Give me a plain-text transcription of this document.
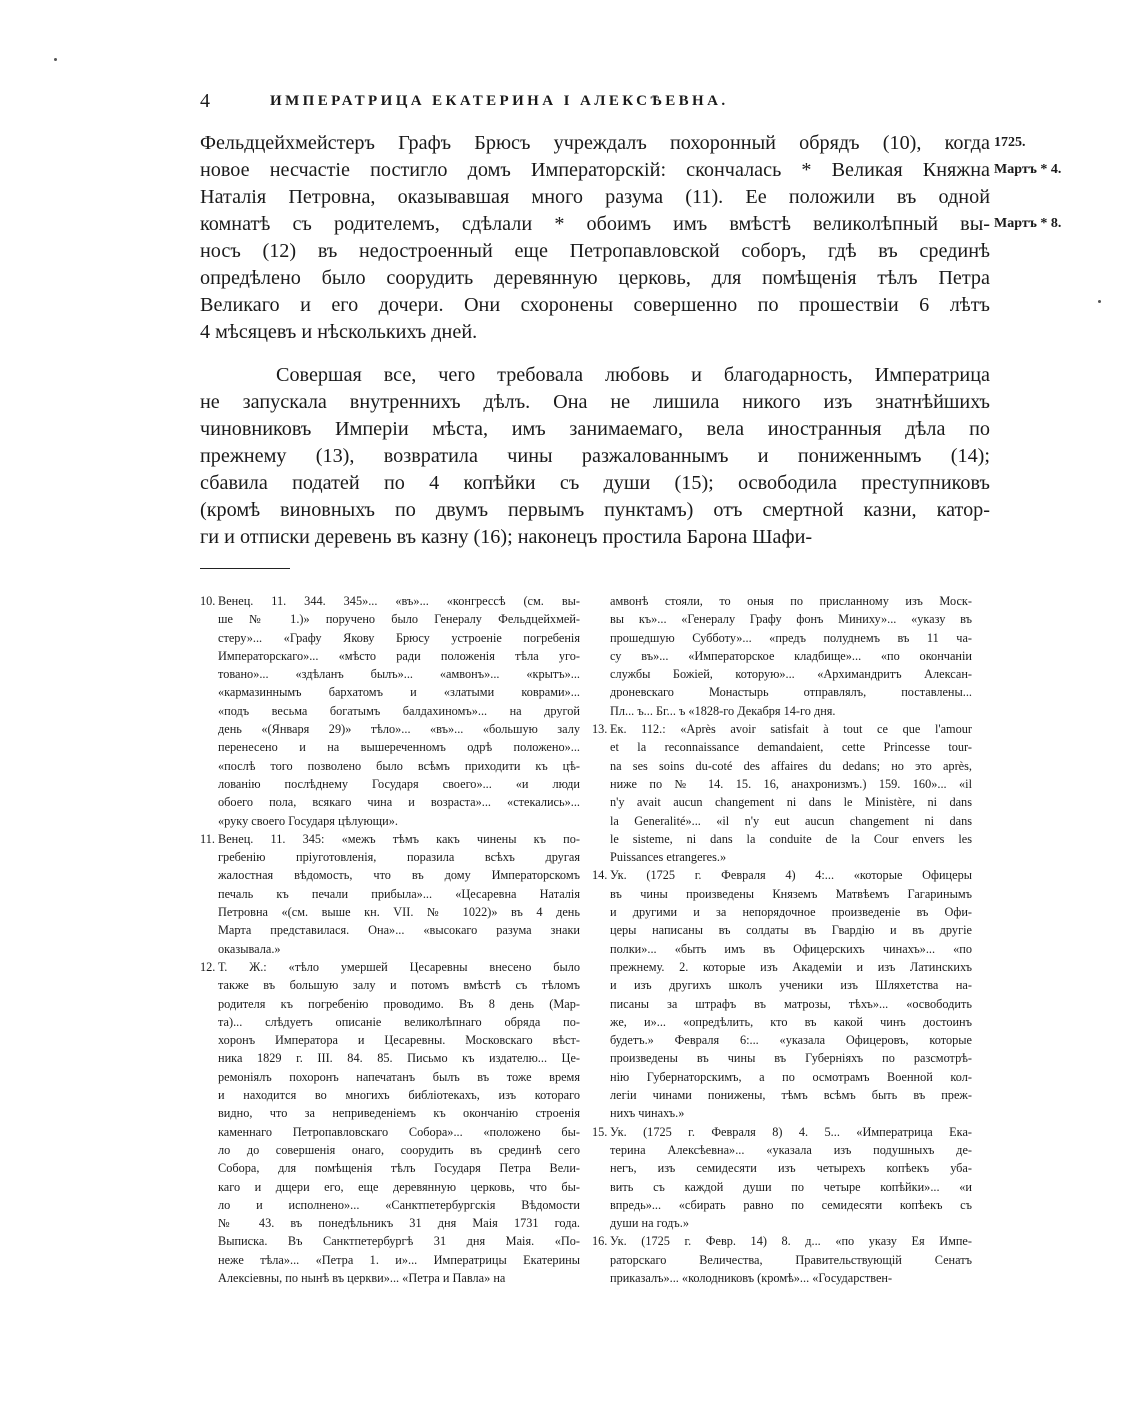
4	ИМПЕРАТРИЦА ЕКАТЕРИНА I АЛЕКСѢЕВНА.
Фельдцейхмейстеръ Графъ Брюсъ учреждалъ похоронный обрядъ (10), когда
новое несчастіе постигло домъ Императорскій: скончалась * Великая Княжна
Наталія Петровна, оказывавшая много разума (11). Ее положили въ одной
комнатѣ съ родителемъ, сдѣлали * обоимъ имъ вмѣстѣ великолѣпный вы-
носъ (12) въ недостроенный еще Петропавловской соборъ, гдѣ въ срединѣ
опредѣлено было соорудить деревянную церковь, для помѣщенія тѣлъ Петра
Великаго и его дочери. Они схоронены совершенно по прошествіи 6 лѣтъ
4 мѣсяцевъ и нѣсколькихъ дней.
Совершая все, чего требовала любовь и благодарность, Императрица
не запускала внутреннихъ дѣлъ. Она не лишила никого изъ знатнѣйшихъ
чиновниковъ Имперіи мѣста, имъ занимаемаго, вела иностранныя дѣла по
прежнему (13), возвратила чины разжалованнымъ и пониженнымъ (14);
сбавила податей по 4 копѣйки съ души (15); освободила преступниковъ
(кромѣ виновныхъ по двумъ первымъ пунктамъ) отъ смертной казни, катор-
ги и отписки деревень въ казну (16); наконецъ простила Барона Шафи-
1725.
Мартъ * 4.
Мартъ * 8.
10. Венец. 11. 344. 345»... «въ»... «конгрессѣ (см. вы-
ше № 1.)» поручено было Генералу Фельдцейхмей-
стеру»... «Графу Якову Брюсу устроеніе погребенія
Императорскаго»... «мѣсто ради положенія тѣла уго-
товано»... «здѣланъ былъ»... «амвонъ»... «крытъ»...
«кармазиннымъ бархатомъ и «златыми коврами»...
«подъ весьма богатымъ балдахиномъ»... на другой
день «(Января 29)» тѣло»... «въ»... «большую залу
перенесено и на вышереченномъ одрѣ положено»...
«послѣ того позволено было всѣмъ приходити къ цѣ-
лованію послѣднему Государя своего»... «и люди
обоего пола, всякаго чина и возраста»... «стекались»...
«руку своего Государя цѣлующи».
11. Венец. 11. 345: «межъ тѣмъ какъ чинены къ по-
гребенію пріуготовленія, поразила всѣхъ другая
жалостная вѣдомость, что въ дому Императорскомъ
печаль къ печали прибыла»... «Цесаревна Наталія
Петровна «(см. выше кн. VII. № 1022)» въ 4 день
Марта представилася. Она»... «высокаго разума знаки
оказывала.»
12. Т. Ж.: «тѣло умершей Цесаревны внесено было
также въ большую залу и потомъ вмѣстѣ съ тѣломъ
родителя къ погребенію проводимо. Въ 8 день (Мар-
та)... слѣдуетъ описаніе великолѣпнаго обряда по-
хоронъ Императора и Цесаревны. Московскаго вѣст-
ника 1829 г. III. 84. 85. Письмо къ издателю... Це-
ремоніялъ похоронъ напечатанъ былъ въ тоже время
и находится во многихъ библіотекахъ, изъ котораго
видно, что за неприведеніемъ къ окончанію строенія
каменнаго Петропавловскаго Собора»... «положено бы-
ло до совершенія онаго, соорудить въ срединѣ сего
Собора, для помѣщенія тѣлъ Государя Петра Вели-
каго и дщери его, еще деревянную церковь, что бы-
ло и исполнено»... «Санктпетербургскія Вѣдомости
№ 43. въ понедѣльникъ 31 дня Маія 1731 года.
Выписка. Въ Санктпетербургѣ 31 дня Маія. «По-
неже тѣла»... «Петра 1. и»... Императрицы Екатерины
Алексіевны, по нынѣ въ церкви»... «Петра и Павла» на
амвонѣ стояли, то оныя по присланному изъ Моск-
вы къ»... «Генералу Графу фонъ Миниху»... «указу въ
прошедшую Субботу»... «предъ полуднемъ въ 11 ча-
су въ»... «Императорское кладбище»... «по окончаніи
службы Божіей, которую»... «Архимандритъ Алексан-
дроневскаго Монастырь отправлялъ, поставлены...
Пл... ъ... Бг... ъ «1828-го Декабря 14-го дня.
13. Ек. 112.: «Après avoir satisfait à tout ce que l'amour
et la reconnaissance demandaient, cette Princesse tour-
na ses soins du-coté des affaires du dedans; но это après,
ниже по № 14. 15. 16, анахронизмъ.) 159. 160»... «il
n'y avait aucun changement ni dans le Ministère, ni dans
la Generalité»... «il n'y eut aucun changement ni dans
le sisteme, ni dans la conduite de la Cour envers les
Puissances etrangeres.»
14. Ук. (1725 г. Февраля 4) 4:... «которые Офицеры
въ чины произведены Княземъ Матвѣемъ Гагаринымъ
и другими и за непорядочное произведеніе въ Офи-
церы написаны въ солдаты въ Гвардію и въ другіе
полки»... «быть имъ въ Офицерскихъ чинахъ»... «по
прежнему. 2. которые изъ Академіи и изъ Латинскихъ
и изъ другихъ школъ ученики изъ Шляхетства на-
писаны за штрафъ въ матрозы, тѣхъ»... «освободить
же, и»... «опредѣлить, кто въ какой чинъ достоинъ
будетъ.» Февраля 6:... «указала Офицеровъ, которые
произведены въ чины въ Губерніяхъ по разсмотрѣ-
нію Губернаторскимъ, а по осмотрамъ Военной кол-
легіи чинами понижены, тѣмъ всѣмъ быть въ преж-
нихъ чинахъ.»
15. Ук. (1725 г. Февраля 8) 4. 5... «Императрица Ека-
терина Алексѣевна»... «указала изъ подушныхъ де-
негъ, изъ семидесяти изъ четырехъ копѣекъ уба-
вить съ каждой души по четыре копѣйки»... «и
впредь»... «сбирать равно по семидесяти копѣекъ съ
души на годъ.»
16. Ук. (1725 г. Февр. 14) 8. д... «по указу Ея Импе-
раторскаго Величества, Правительствующій Сенатъ
приказалъ»... «колодниковъ (кромѣ»... «Государствен-
